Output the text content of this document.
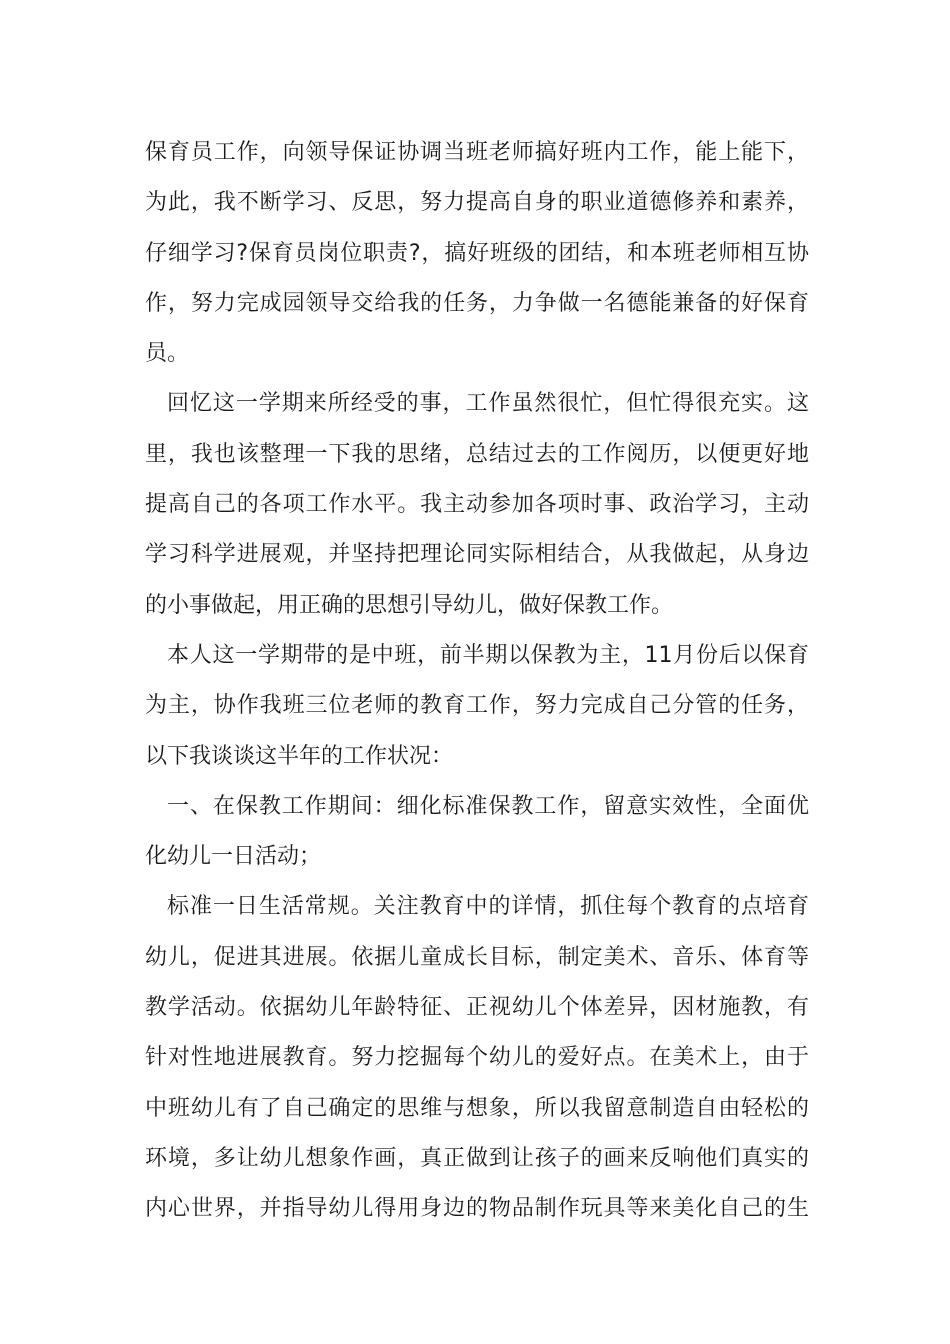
保育员工作，向领导保证协调当班老师搞好班内工作，能上能下，
为此，我不断学习、反思，努力提高自身的职业道德修养和素养，
仔细学习?保育员岗位职责?，搞好班级的团结，和本班老师相互协
作，努力完成园领导交给我的任务，力争做一名德能兼备的好保育
员。
回忆这一学期来所经受的事，工作虽然很忙，但忙得很充实。这
里，我也该整理一下我的思绪，总结过去的工作阅历，以便更好地
提高自己的各项工作水平。我主动参加各项时事、政治学习，主动
学习科学进展观，并坚持把理论同实际相结合，从我做起，从身边
的小事做起，用正确的思想引导幼儿，做好保教工作。
本人这一学期带的是中班，前半期以保教为主，11月份后以保育
为主，协作我班三位老师的教育工作，努力完成自己分管的任务，
以下我谈谈这半年的工作状况：
一、在保教工作期间：细化标准保教工作，留意实效性，全面优
化幼儿一日活动；
标准一日生活常规。关注教育中的详情，抓住每个教育的点培育
幼儿，促进其进展。依据儿童成长目标，制定美术、音乐、体育等
教学活动。依据幼儿年龄特征、正视幼儿个体差异，因材施教，有
针对性地进展教育。努力挖掘每个幼儿的爱好点。在美术上，由于
中班幼儿有了自己确定的思维与想象，所以我留意制造自由轻松的
环境，多让幼儿想象作画，真正做到让孩子的画来反响他们真实的
内心世界，并指导幼儿得用身边的物品制作玩具等来美化自己的生
